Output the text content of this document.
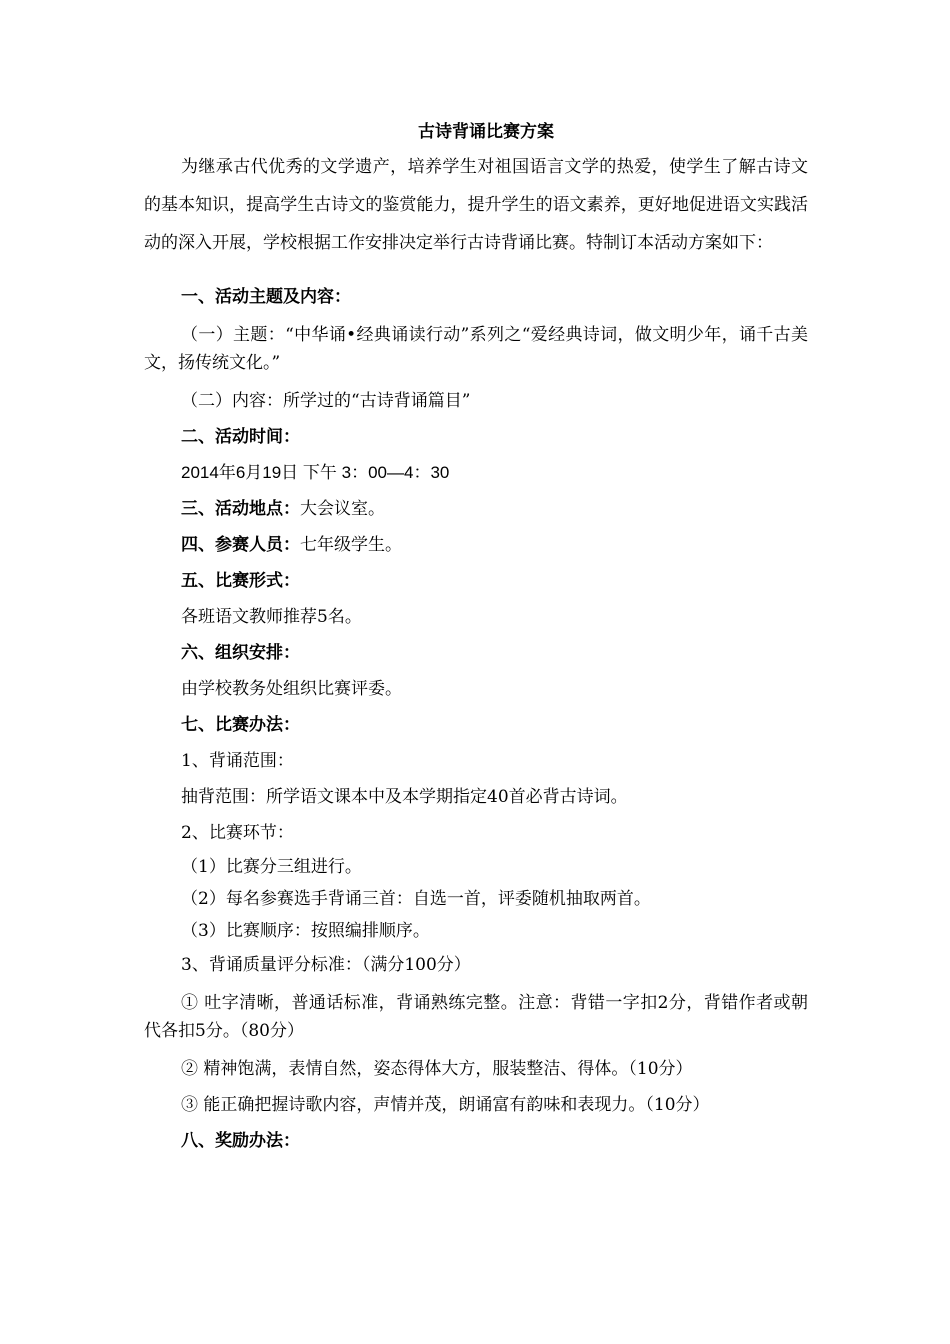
古诗背诵比赛方案

为继承古代优秀的文学遗产，培养学生对祖国语言文学的热爱，使学生了解古诗文的基本知识，提高学生古诗文的鉴赏能力，提升学生的语文素养，更好地促进语文实践活动的深入开展，学校根据工作安排决定举行古诗背诵比赛。特制订本活动方案如下：

一、活动主题及内容：

（一）主题：“中华诵•经典诵读行动”系列之“爱经典诗词，做文明少年，诵千古美文，扬传统文化。”

（二）内容：所学过的“古诗背诵篇目”

二、活动时间：

2014年6月19日 下午 3：00—4：30

三、活动地点：大会议室。

四、参赛人员：七年级学生。

五、比赛形式：

各班语文教师推荐5名。

六、组织安排：

由学校教务处组织比赛评委。

七、比赛办法：

1、背诵范围：

抽背范围：所学语文课本中及本学期指定40首必背古诗词。

2、比赛环节：

（1）比赛分三组进行。

（2）每名参赛选手背诵三首：自选一首，评委随机抽取两首。

（3）比赛顺序：按照编排顺序。

3、背诵质量评分标准：（满分100分）

① 吐字清晰，普通话标准，背诵熟练完整。注意：背错一字扣2分，背错作者或朝代各扣5分。（80分）

② 精神饱满，表情自然，姿态得体大方，服装整洁、得体。（10分）

③ 能正确把握诗歌内容，声情并茂，朗诵富有韵味和表现力。（10分）

八、奖励办法：
